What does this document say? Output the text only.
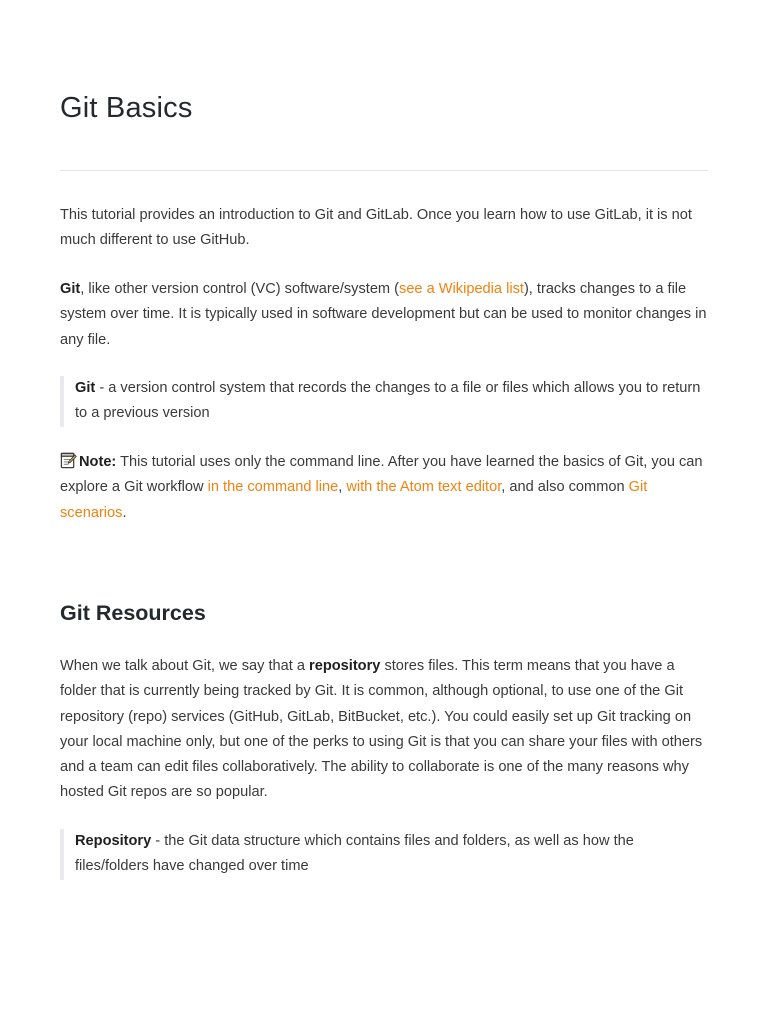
Git Basics

This tutorial provides an introduction to Git and GitLab. Once you learn how to use GitLab, it is not much different to use GitHub.

Git, like other version control (VC) software/system (see a Wikipedia list), tracks changes to a file system over time. It is typically used in software development but can be used to monitor changes in any file.

Git - a version control system that records the changes to a file or files which allows you to return to a previous version

Note: This tutorial uses only the command line. After you have learned the basics of Git, you can explore a Git workflow in the command line, with the Atom text editor, and also common Git scenarios.

Git Resources

When we talk about Git, we say that a repository stores files. This term means that you have a folder that is currently being tracked by Git. It is common, although optional, to use one of the Git repository (repo) services (GitHub, GitLab, BitBucket, etc.). You could easily set up Git tracking on your local machine only, but one of the perks to using Git is that you can share your files with others and a team can edit files collaboratively. The ability to collaborate is one of the many reasons why hosted Git repos are so popular.

Repository - the Git data structure which contains files and folders, as well as how the files/folders have changed over time
